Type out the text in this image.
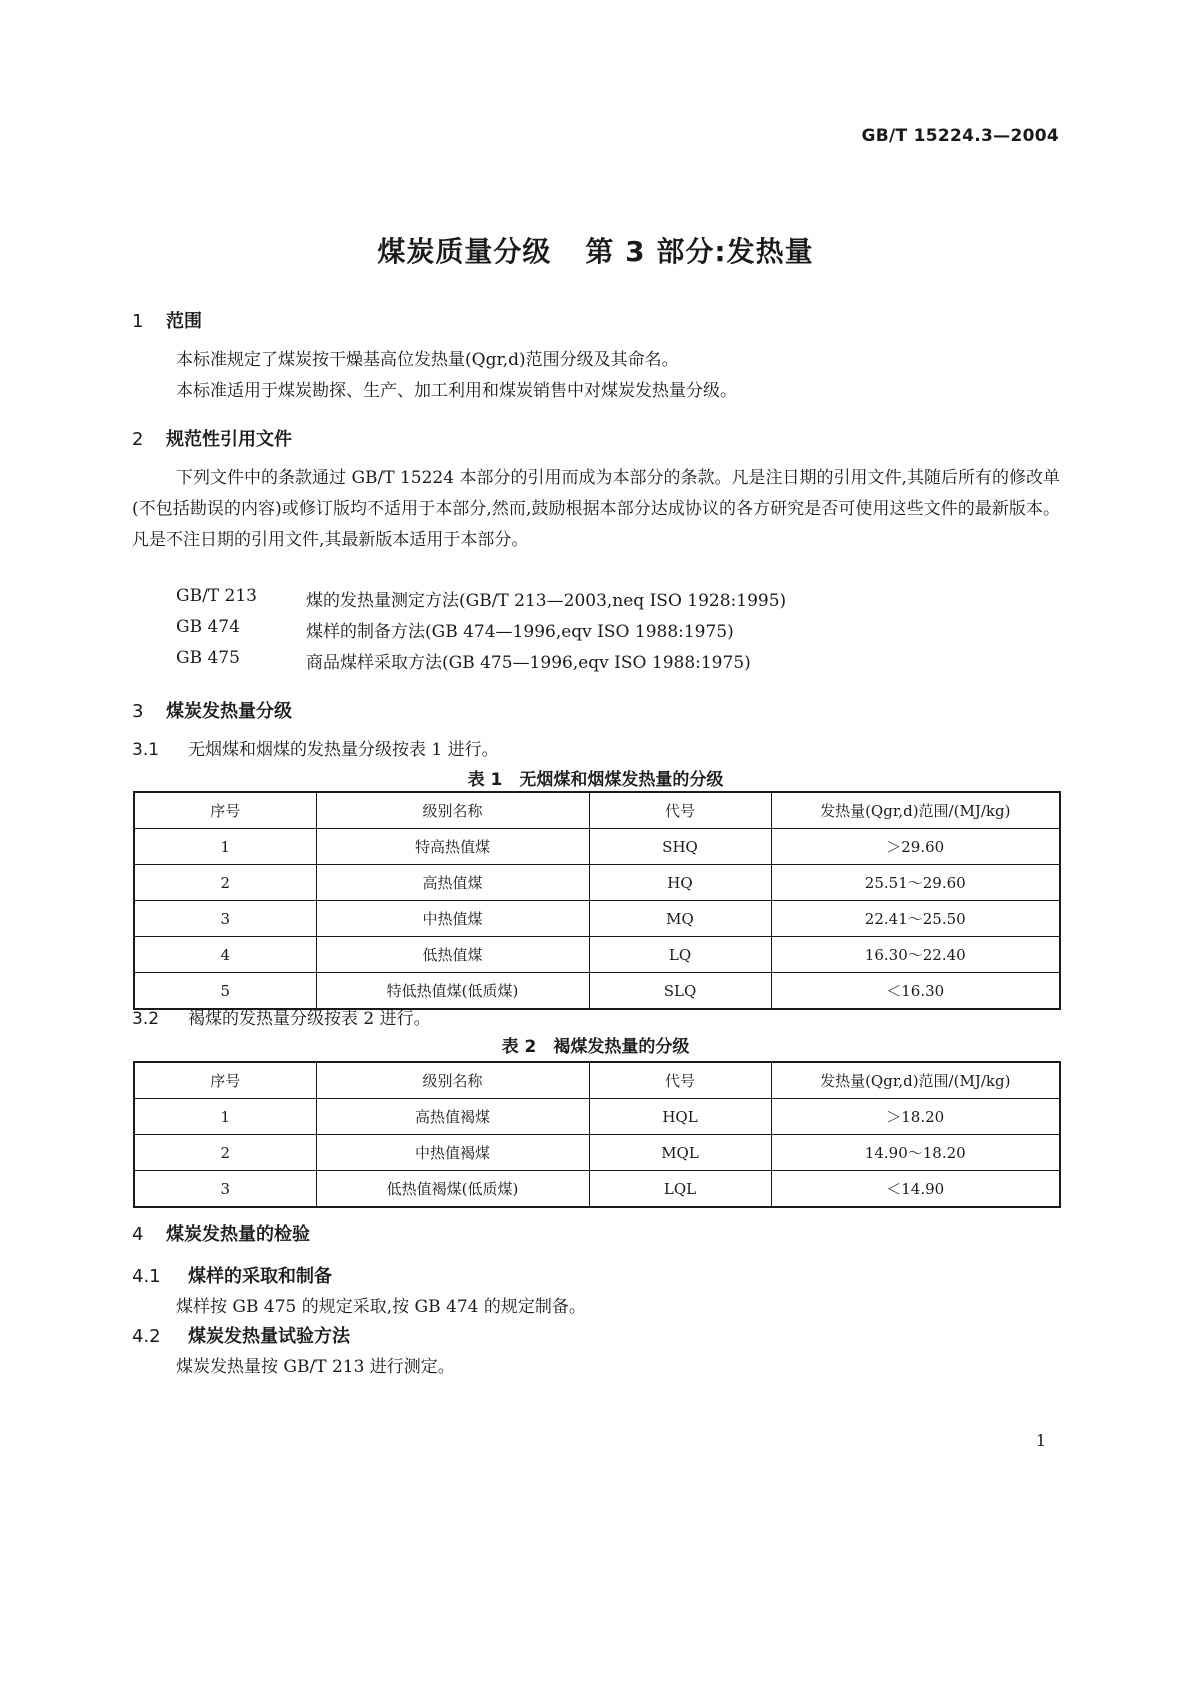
GB/T 15224.3—2004
煤炭质量分级 第 3 部分:发热量
1 范围
本标准规定了煤炭按干燥基高位发热量(Qgr,d)范围分级及其命名。
本标准适用于煤炭勘探、生产、加工利用和煤炭销售中对煤炭发热量分级。
2 规范性引用文件
下列文件中的条款通过 GB/T 15224 本部分的引用而成为本部分的条款。凡是注日期的引用文件,其随后所有的修改单(不包括勘误的内容)或修订版均不适用于本部分,然而,鼓励根据本部分达成协议的各方研究是否可使用这些文件的最新版本。凡是不注日期的引用文件,其最新版本适用于本部分。
GB/T 213	煤的发热量测定方法(GB/T 213—2003,neq ISO 1928:1995)
GB 474	煤样的制备方法(GB 474—1996,eqv ISO 1988:1975)
GB 475	商品煤样采取方法(GB 475—1996,eqv ISO 1988:1975)
3 煤炭发热量分级
3.1 无烟煤和烟煤的发热量分级按表 1 进行。
表 1　无烟煤和烟煤发热量的分级
序号	级别名称	代号	发热量(Qgr,d)范围/(MJ/kg)
1	特高热值煤	SHQ	＞29.60
2	高热值煤	HQ	25.51～29.60
3	中热值煤	MQ	22.41～25.50
4	低热值煤	LQ	16.30～22.40
5	特低热值煤(低质煤)	SLQ	＜16.30
3.2 褐煤的发热量分级按表 2 进行。
表 2　褐煤发热量的分级
序号	级别名称	代号	发热量(Qgr,d)范围/(MJ/kg)
1	高热值褐煤	HQL	＞18.20
2	中热值褐煤	MQL	14.90～18.20
3	低热值褐煤(低质煤)	LQL	＜14.90
4 煤炭发热量的检验
4.1 煤样的采取和制备
煤样按 GB 475 的规定采取,按 GB 474 的规定制备。
4.2 煤炭发热量试验方法
煤炭发热量按 GB/T 213 进行测定。
1
